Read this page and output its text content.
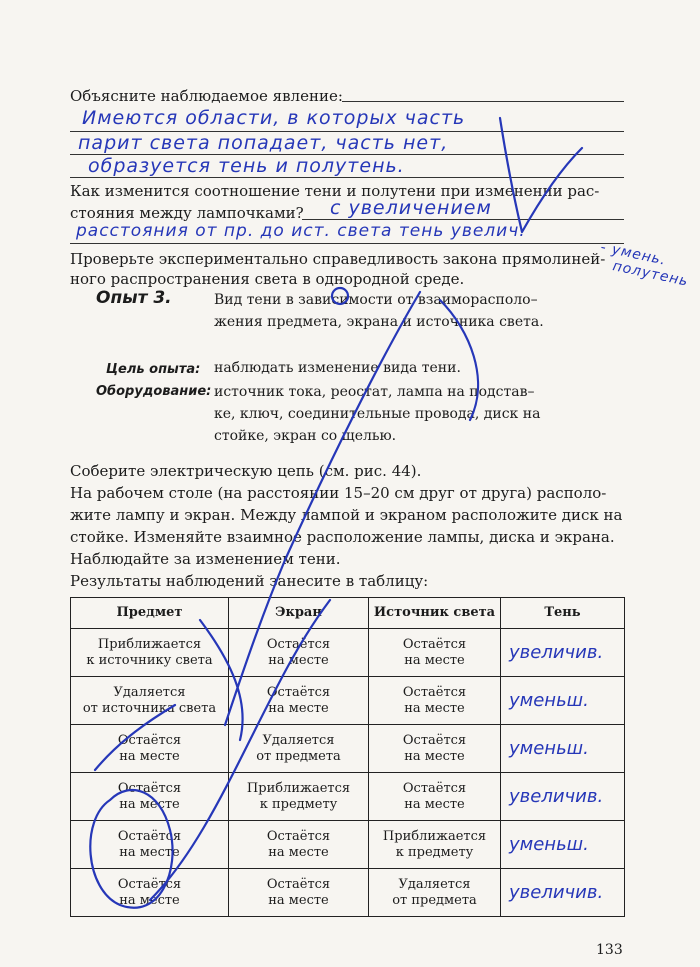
Объясните наблюдаемое явление:
Имеются области, в которых часть
парит света попадает, часть нет,
образуется тень и полутень.
Как изменится соотношение тени и полутени при изменении рас-
стояния между лампочками? с увеличением
расстояния от пр. до ист. света тень увелич.
- умень.
полутень
Проверьте экспериментально справедливость закона прямолиней-
ного распространения света в однородной среде.
Опыт 3.	Вид тени в зависимости от взаиморасполо–
жения предмета, экрана и источника света.
Цель опыта: наблюдать изменение вида тени.
Оборудование: источник тока, реостат, лампа на подстав–
ке, ключ, соединительные провода, диск на
стойке, экран со щелью.
Соберите электрическую цепь (см. рис. 44).
На рабочем столе (на расстоянии 15–20 см друг от друга) располо-
жите лампу и экран. Между лампой и экраном расположите диск на
стойке. Изменяйте взаимное расположение лампы, диска и экрана.
Наблюдайте за изменением тени.
Результаты наблюдений занесите в таблицу:
Предмет	Экран	Источник света	Тень
Приближается
к источнику света	Остаётся
на месте	Остаётся
на месте	увеличив.
Удаляется
от источника света	Остаётся
на месте	Остаётся
на месте	уменьш.
Остаётся
на месте	Удаляется
от предмета	Остаётся
на месте	уменьш.
Остаётся
на месте	Приближается
к предмету	Остаётся
на месте	увеличив.
Остаётся
на месте	Остаётся
на месте	Приближается
к предмету	уменьш.
Остаётся
на месте	Остаётся
на месте	Удаляется
от предмета	увеличив.
133
